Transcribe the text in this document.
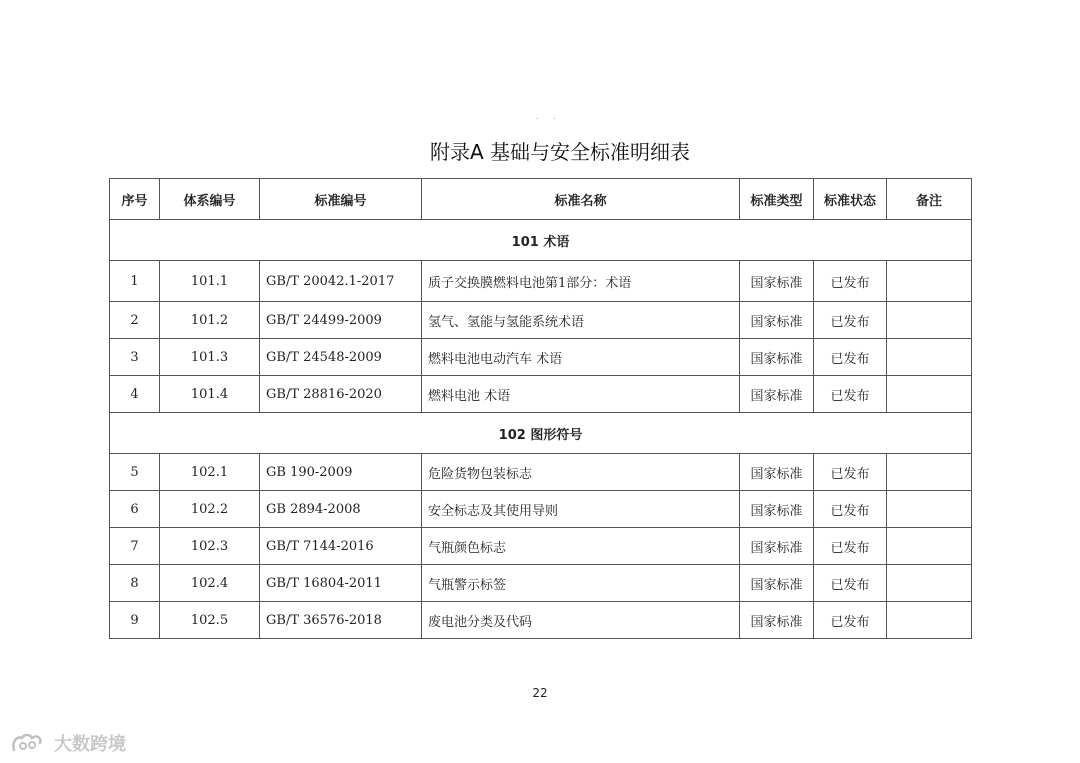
. .
附录A 基础与安全标准明细表
序号	体系编号	标准编号	标准名称	标准类型	标准状态	备注
101 术语						
1	101.1	GB/T 20042.1-2017	质子交换膜燃料电池第1部分：术语	国家标准	已发布	
2	101.2	GB/T 24499-2009	氢气、氢能与氢能系统术语	国家标准	已发布	
3	101.3	GB/T 24548-2009	燃料电池电动汽车 术语	国家标准	已发布	
4	101.4	GB/T 28816-2020	燃料电池 术语	国家标准	已发布	
102 图形符号						
5	102.1	GB 190-2009	危险货物包装标志	国家标准	已发布	
6	102.2	GB 2894-2008	安全标志及其使用导则	国家标准	已发布	
7	102.3	GB/T 7144-2016	气瓶颜色标志	国家标准	已发布	
8	102.4	GB/T 16804-2011	气瓶警示标签	国家标准	已发布	
9	102.5	GB/T 36576-2018	废电池分类及代码	国家标准	已发布	
22
大数跨境
